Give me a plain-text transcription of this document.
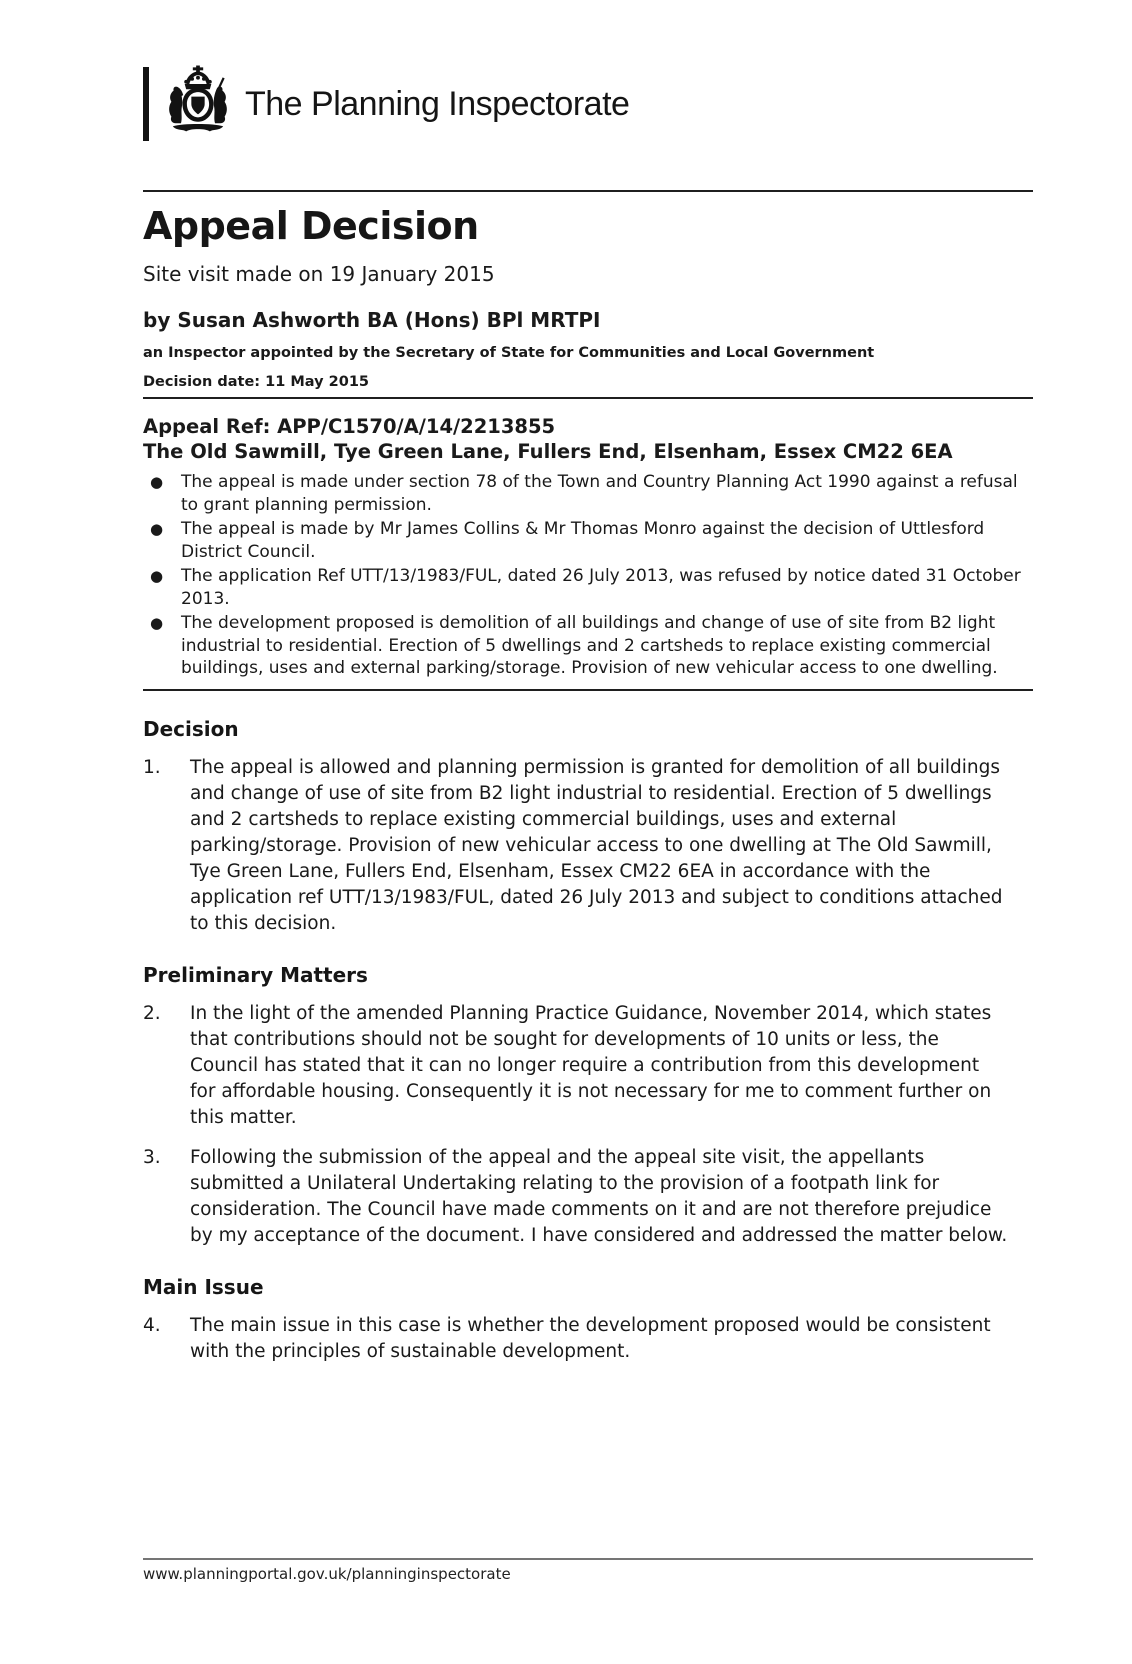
The Planning Inspectorate
Appeal Decision

Site visit made on 19 January 2015

by Susan Ashworth BA (Hons) BPl MRTPI

an Inspector appointed by the Secretary of State for Communities and Local Government

Decision date: 11 May 2015

Appeal Ref: APP/C1570/A/14/2213855
The Old Sawmill, Tye Green Lane, Fullers End, Elsenham, Essex CM22 6EA
● The appeal is made under section 78 of the Town and Country Planning Act 1990 against a refusal to grant planning permission.
● The appeal is made by Mr James Collins & Mr Thomas Monro against the decision of Uttlesford District Council.
● The application Ref UTT/13/1983/FUL, dated 26 July 2013, was refused by notice dated 31 October 2013.
● The development proposed is demolition of all buildings and change of use of site from B2 light industrial to residential. Erection of 5 dwellings and 2 cartsheds to replace existing commercial buildings, uses and external parking/storage. Provision of new vehicular access to one dwelling.
Decision
1.	The appeal is allowed and planning permission is granted for demolition of all buildings and change of use of site from B2 light industrial to residential. Erection of 5 dwellings and 2 cartsheds to replace existing commercial buildings, uses and external parking/storage. Provision of new vehicular access to one dwelling at The Old Sawmill, Tye Green Lane, Fullers End, Elsenham, Essex CM22 6EA in accordance with the application ref UTT/13/1983/FUL, dated 26 July 2013 and subject to conditions attached to this decision.
Preliminary Matters
2.	In the light of the amended Planning Practice Guidance, November 2014, which states that contributions should not be sought for developments of 10 units or less, the Council has stated that it can no longer require a contribution from this development for affordable housing. Consequently it is not necessary for me to comment further on this matter.
3.	Following the submission of the appeal and the appeal site visit, the appellants submitted a Unilateral Undertaking relating to the provision of a footpath link for consideration. The Council have made comments on it and are not therefore prejudice by my acceptance of the document. I have considered and addressed the matter below.
Main Issue
4.	The main issue in this case is whether the development proposed would be consistent with the principles of sustainable development.
www.planningportal.gov.uk/planninginspectorate
